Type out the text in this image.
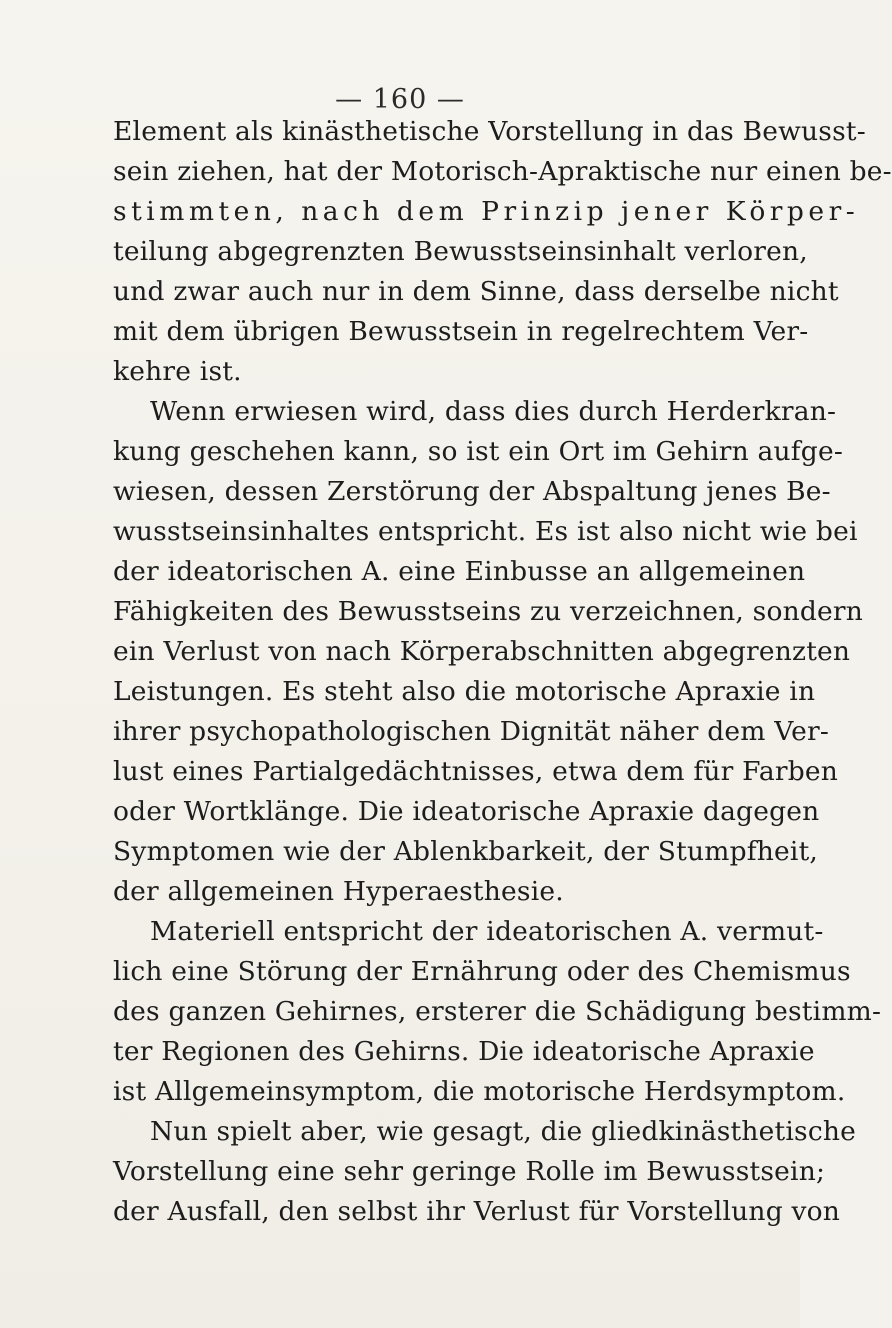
— 160 —
Element als kinästhetische Vorstellung in das Bewusst-
sein ziehen, hat der Motorisch-Apraktische nur einen be-
stimmten, nach dem Prinzip jener Körper-
teilung abgegrenzten Bewusstseinsinhalt verloren,
und zwar auch nur in dem Sinne, dass derselbe nicht
mit dem übrigen Bewusstsein in regelrechtem Ver-
kehre ist.
Wenn erwiesen wird, dass dies durch Herderkran-
kung geschehen kann, so ist ein Ort im Gehirn aufge-
wiesen, dessen Zerstörung der Abspaltung jenes Be-
wusstseinsinhaltes entspricht. Es ist also nicht wie bei
der ideatorischen A. eine Einbusse an allgemeinen
Fähigkeiten des Bewusstseins zu verzeichnen, sondern
ein Verlust von nach Körperabschnitten abgegrenzten
Leistungen. Es steht also die motorische Apraxie in
ihrer psychopathologischen Dignität näher dem Ver-
lust eines Partialgedächtnisses, etwa dem für Farben
oder Wortklänge. Die ideatorische Apraxie dagegen
Symptomen wie der Ablenkbarkeit, der Stumpfheit,
der allgemeinen Hyperaesthesie.
Materiell entspricht der ideatorischen A. vermut-
lich eine Störung der Ernährung oder des Chemismus
des ganzen Gehirnes, ersterer die Schädigung bestimm-
ter Regionen des Gehirns. Die ideatorische Apraxie
ist Allgemeinsymptom, die motorische Herdsymptom.
Nun spielt aber, wie gesagt, die gliedkinästhetische
Vorstellung eine sehr geringe Rolle im Bewusstsein;
der Ausfall, den selbst ihr Verlust für Vorstellung von
